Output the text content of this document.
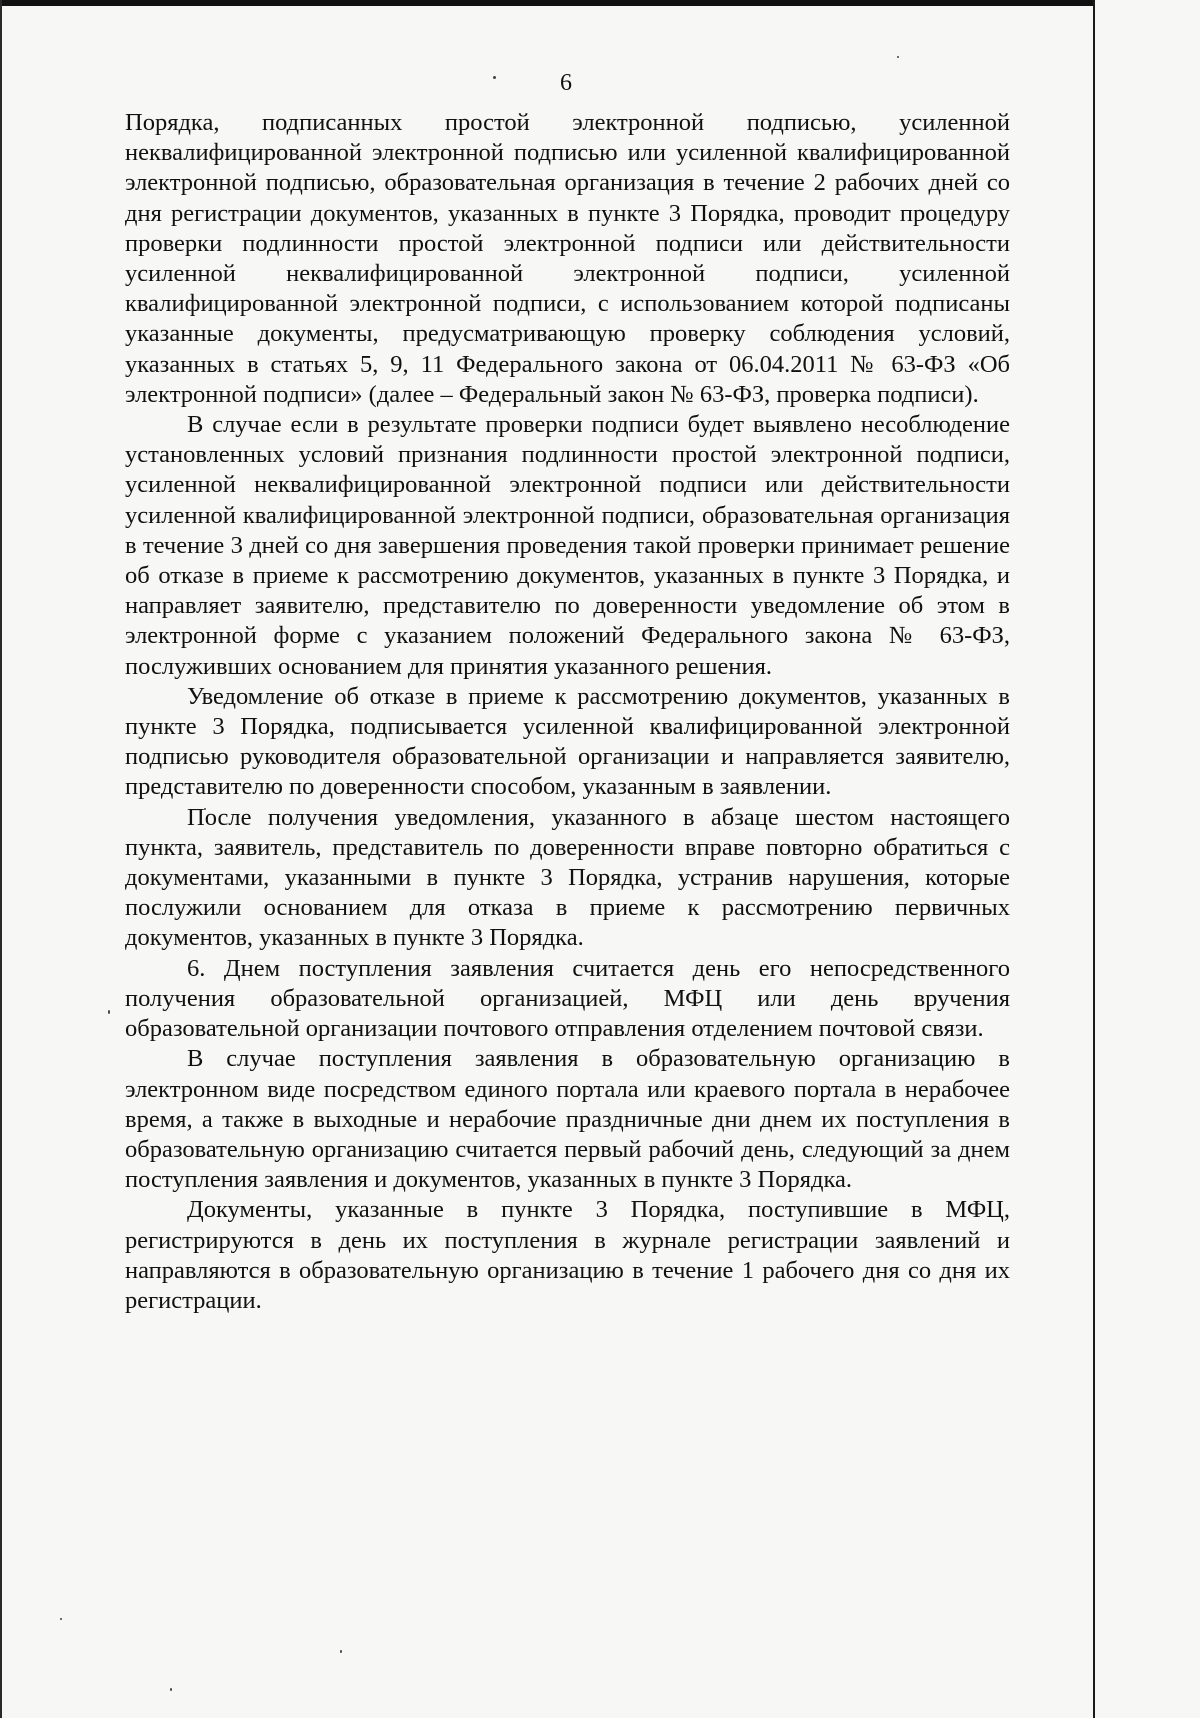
6

Порядка, подписанных простой электронной подписью, усиленной неквалифицированной электронной подписью или усиленной квалифицированной электронной подписью, образовательная организация в течение 2 рабочих дней со дня регистрации документов, указанных в пункте 3 Порядка, проводит процедуру проверки подлинности простой электронной подписи или действительности усиленной неквалифицированной электронной подписи, усиленной квалифицированной электронной подписи, с использованием которой подписаны указанные документы, предусматривающую проверку соблюдения условий, указанных в статьях 5, 9, 11 Федерального закона от 06.04.2011 № 63-ФЗ «Об электронной подписи» (далее – Федеральный закон № 63-ФЗ, проверка подписи).

В случае если в результате проверки подписи будет выявлено несоблюдение установленных условий признания подлинности простой электронной подписи, усиленной неквалифицированной электронной подписи или действительности усиленной квалифицированной электронной подписи, образовательная организация в течение 3 дней со дня завершения проведения такой проверки принимает решение об отказе в приеме к рассмотрению документов, указанных в пункте 3 Порядка, и направляет заявителю, представителю по доверенности уведомление об этом в электронной форме с указанием положений Федерального закона № 63-ФЗ, послуживших основанием для принятия указанного решения.

Уведомление об отказе в приеме к рассмотрению документов, указанных в пункте 3 Порядка, подписывается усиленной квалифицированной электронной подписью руководителя образовательной организации и направляется заявителю, представителю по доверенности способом, указанным в заявлении.

После получения уведомления, указанного в абзаце шестом настоящего пункта, заявитель, представитель по доверенности вправе повторно обратиться с документами, указанными в пункте 3 Порядка, устранив нарушения, которые послужили основанием для отказа в приеме к рассмотрению первичных документов, указанных в пункте 3 Порядка.

6. Днем поступления заявления считается день его непосредственного получения образовательной организацией, МФЦ или день вручения образовательной организации почтового отправления отделением почтовой связи.

В случае поступления заявления в образовательную организацию в электронном виде посредством единого портала или краевого портала в нерабочее время, а также в выходные и нерабочие праздничные дни днем их поступления в образовательную организацию считается первый рабочий день, следующий за днем поступления заявления и документов, указанных в пункте 3 Порядка.

Документы, указанные в пункте 3 Порядка, поступившие в МФЦ, регистрируются в день их поступления в журнале регистрации заявлений и направляются в образовательную организацию в течение 1 рабочего дня со дня их регистрации.
